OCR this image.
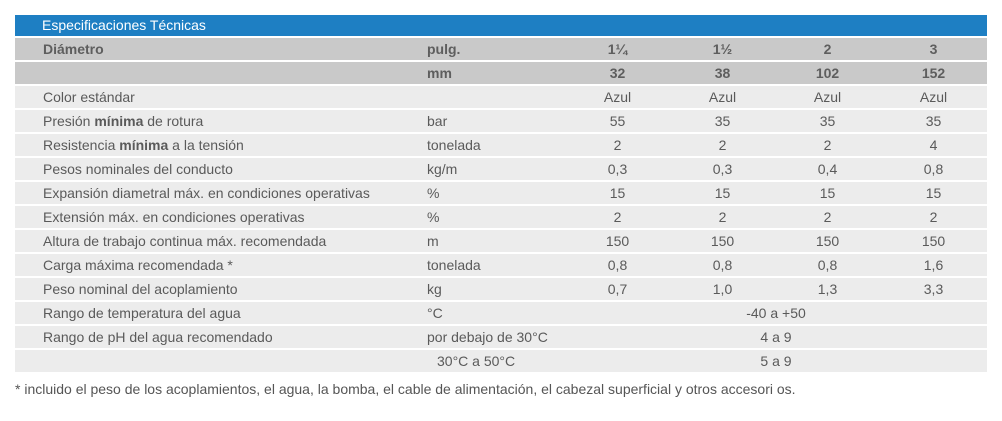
Especificaciones Técnicas
Diámetro	pulg.	1¼	1½	2	3
	mm	32	38	102	152
Color estándar		Azul	Azul	Azul	Azul
Presión mínima de rotura	bar	55	35	35	35
Resistencia mínima a la tensión	tonelada	2	2	2	4
Pesos nominales del conducto	kg/m	0,3	0,3	0,4	0,8
Expansión diametral máx. en condiciones operativas	%	15	15	15	15
Extensión máx. en condiciones operativas	%	2	2	2	2
Altura de trabajo continua máx. recomendada	m	150	150	150	150
Carga máxima recomendada *	tonelada	0,8	0,8	0,8	1,6
Peso nominal del acoplamiento	kg	0,7	1,0	1,3	3,3
Rango de temperatura del agua	°C	-40 a +50			
Rango de pH del agua recomendado	por debajo de 30°C	4 a 9			
	30°C a 50°C	5 a 9			
* incluido el peso de los acoplamientos, el agua, la bomba, el cable de alimentación, el cabezal superficial y otros accesori os.
